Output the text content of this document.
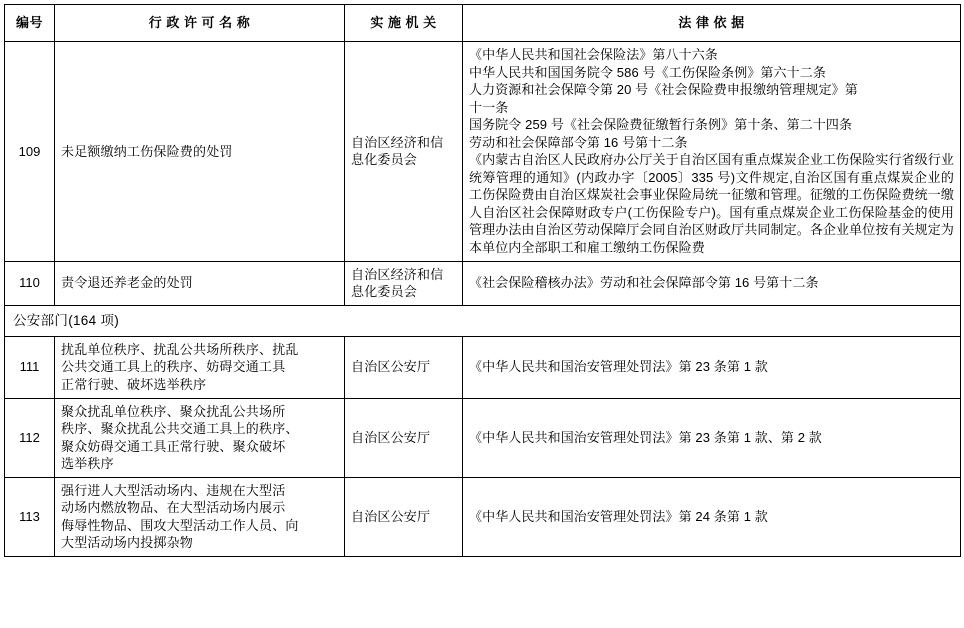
编号	行 政 许 可 名 称	实 施 机 关	法 律 依 据
109	未足额缴纳工伤保险费的处罚	自治区经济和信息化委员会	
《中华人民共和国社会保险法》第八十六条
中华人民共和国国务院令 586 号《工伤保险条例》第六十二条
人力资源和社会保障令第 20 号《社会保险费申报缴纳管理规定》第
十一条
国务院令 259 号《社会保险费征缴暂行条例》第十条、第二十四条
劳动和社会保障部令第 16 号第十二条
《内蒙古自治区人民政府办公厅关于自治区国有重点煤炭企业工伤保险实行省级行业统筹管理的通知》(内政办字〔2005〕335 号)文件规定,自治区国有重点煤炭企业的工伤保险费由自治区煤炭社会事业保险局统一征缴和管理。征缴的工伤保险费统一缴人自治区社会保障财政专户(工伤保险专户)。国有重点煤炭企业工伤保险基金的使用管理办法由自治区劳动保障厅会同自治区财政厅共同制定。各企业单位按有关规定为本单位内全部职工和雇工缴纳工伤保险费

110	责令退还养老金的处罚	自治区经济和信息化委员会	《社会保险稽核办法》劳动和社会保障部令第 16 号第十二条

公安部门(164 项)			
111	扰乱单位秩序、扰乱公共场所秩序、扰乱
公共交通工具上的秩序、妨碍交通工具
正常行驶、破坏选举秩序	自治区公安厅	《中华人民共和国治安管理处罚法》第 23 条第 1 款

112	聚众扰乱单位秩序、聚众扰乱公共场所
秩序、聚众扰乱公共交通工具上的秩序、
聚众妨碍交通工具正常行驶、聚众破坏
选举秩序	自治区公安厅	《中华人民共和国治安管理处罚法》第 23 条第 1 款、第 2 款

113	强行进人大型活动场内、违规在大型活
动场内燃放物品、在大型活动场内展示
侮辱性物品、围攻大型活动工作人员、向
大型活动场内投掷杂物	自治区公安厅	《中华人民共和国治安管理处罚法》第 24 条第 1 款
